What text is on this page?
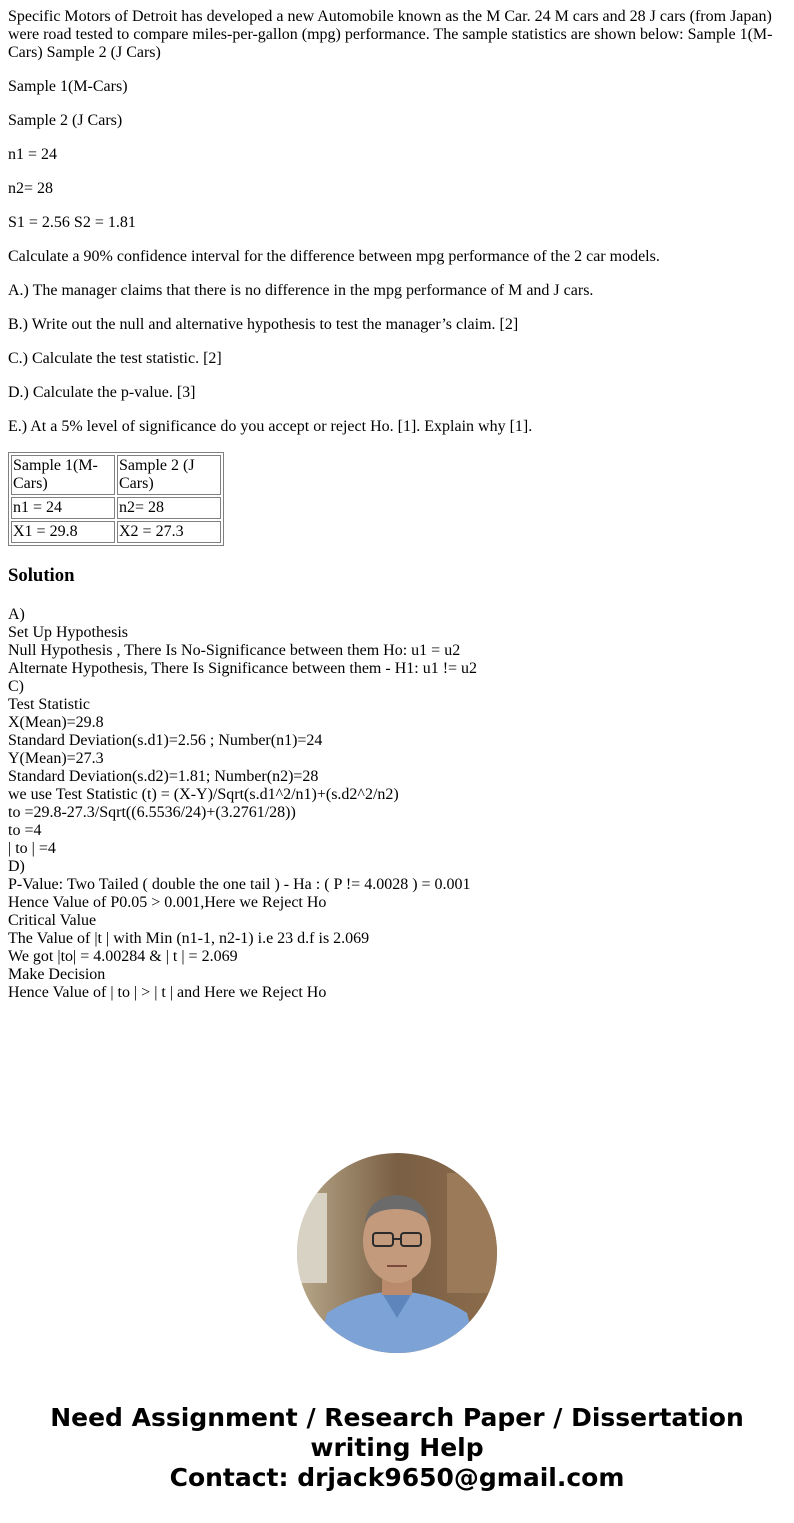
Specific Motors of Detroit has developed a new Automobile known as the M Car. 24 M cars and 28 J cars (from Japan) were road tested to compare miles-per-gallon (mpg) performance. The sample statistics are shown below: Sample 1(M-Cars) Sample 2 (J Cars)
Sample 1(M-Cars)
Sample 2 (J Cars)
n1 = 24
n2= 28
S1 = 2.56 S2 = 1.81
Calculate a 90% confidence interval for the difference between mpg performance of the 2 car models.
A.) The manager claims that there is no difference in the mpg performance of M and J cars.
B.) Write out the null and alternative hypothesis to test the manager’s claim. [2]
C.) Calculate the test statistic. [2]
D.) Calculate the p-value. [3]
E.) At a 5% level of significance do you accept or reject Ho. [1]. Explain why [1].
Sample 1(M-Cars)	Sample 2 (J Cars)
n1 = 24	n2= 28
X1 = 29.8	X2 = 27.3
Solution
A)
Set Up Hypothesis
Null Hypothesis , There Is No-Significance between them Ho: u1 = u2
Alternate Hypothesis, There Is Significance between them - H1: u1 != u2
C)
Test Statistic
X(Mean)=29.8
Standard Deviation(s.d1)=2.56 ; Number(n1)=24
Y(Mean)=27.3
Standard Deviation(s.d2)=1.81; Number(n2)=28
we use Test Statistic (t) = (X-Y)/Sqrt(s.d1^2/n1)+(s.d2^2/n2)
to =29.8-27.3/Sqrt((6.5536/24)+(3.2761/28))
to =4
| to | =4
D)
P-Value: Two Tailed ( double the one tail ) - Ha : ( P != 4.0028 ) = 0.001
Hence Value of P0.05 > 0.001,Here we Reject Ho
Critical Value
The Value of |t | with Min (n1-1, n2-1) i.e 23 d.f is 2.069
We got |to| = 4.00284 & | t | = 2.069
Make Decision
Hence Value of | to | > | t | and Here we Reject Ho
Need Assignment / Research Paper / Dissertation
writing Help
Contact: drjack9650@gmail.com
